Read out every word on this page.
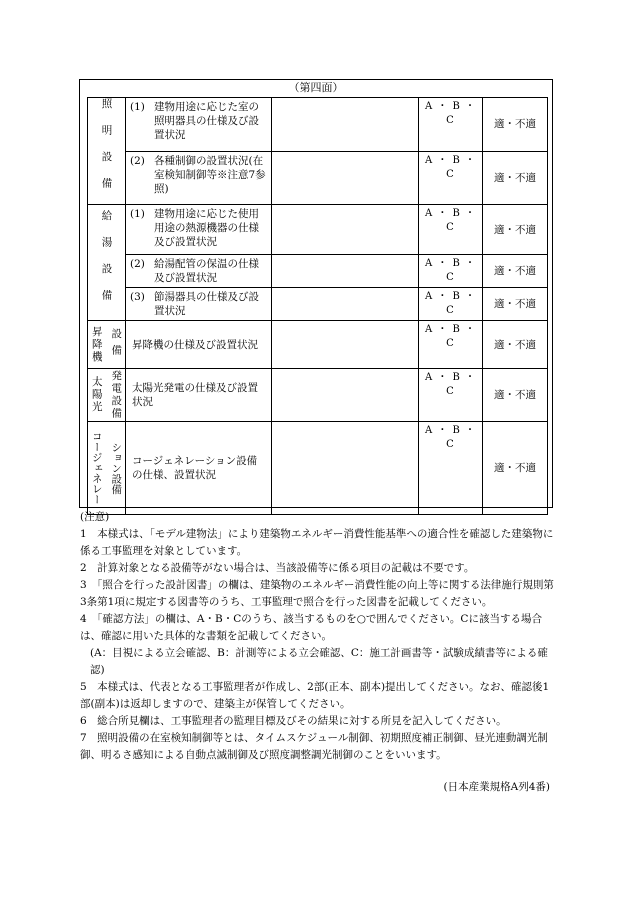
（第四面）
照明設備	(1) 建物用途に応じた室の照明器具の仕様及び設置状況		A ・ B ・ C	適・不適
	(2) 各種制御の設置状況(在室検知制御等※注意7参照)		A ・ B ・ C	適・不適

給湯設備	(1) 建物用途に応じた使用用途の熱源機器の仕様及び設置状況		A ・ B ・ C	適・不適
	(2) 給湯配管の保温の仕様及び設置状況		A ・ B ・ C	適・不適
	(3) 節湯器具の仕様及び設置状況		A ・ B ・ C	適・不適

昇降機 設備	昇降機の仕様及び設置状況		A ・ B ・ C	適・不適

太陽光 発電設備	太陽光発電の仕様及び設置状況		A ・ B ・ C	適・不適

コージェネレー ション設備	コージェネレーション設備の仕様、設置状況		A ・ B ・ C	適・不適

(注意)

1　本様式は、「モデル建物法」により建築物エネルギー消費性能基準への適合性を確認した建築物に係る工事監理を対象としています。

2　計算対象となる設備等がない場合は、当該設備等に係る項目の記載は不要です。

3　「照合を行った設計図書」の欄は、建築物のエネルギー消費性能の向上等に関する法律施行規則第3条第1項に規定する図書等のうち、工事監理で照合を行った図書を記載してください。

4　「確認方法」の欄は、A・B・Cのうち、該当するものを○で囲んでください。Cに該当する場合は、確認に用いた具体的な書類を記載してください。

(A：目視による立会確認、B：計測等による立会確認、C：施工計画書等・試験成績書等による確認)

5　本様式は、代表となる工事監理者が作成し、2部(正本、副本)提出してください。なお、確認後1部(副本)は返却しますので、建築主が保管してください。

6　総合所見欄は、工事監理者の監理目標及びその結果に対する所見を記入してください。

7　照明設備の在室検知制御等とは、タイムスケジュール制御、初期照度補正制御、昼光連動調光制御、明るさ感知による自動点滅制御及び照度調整調光制御のことをいいます。

(日本産業規格A列4番)
